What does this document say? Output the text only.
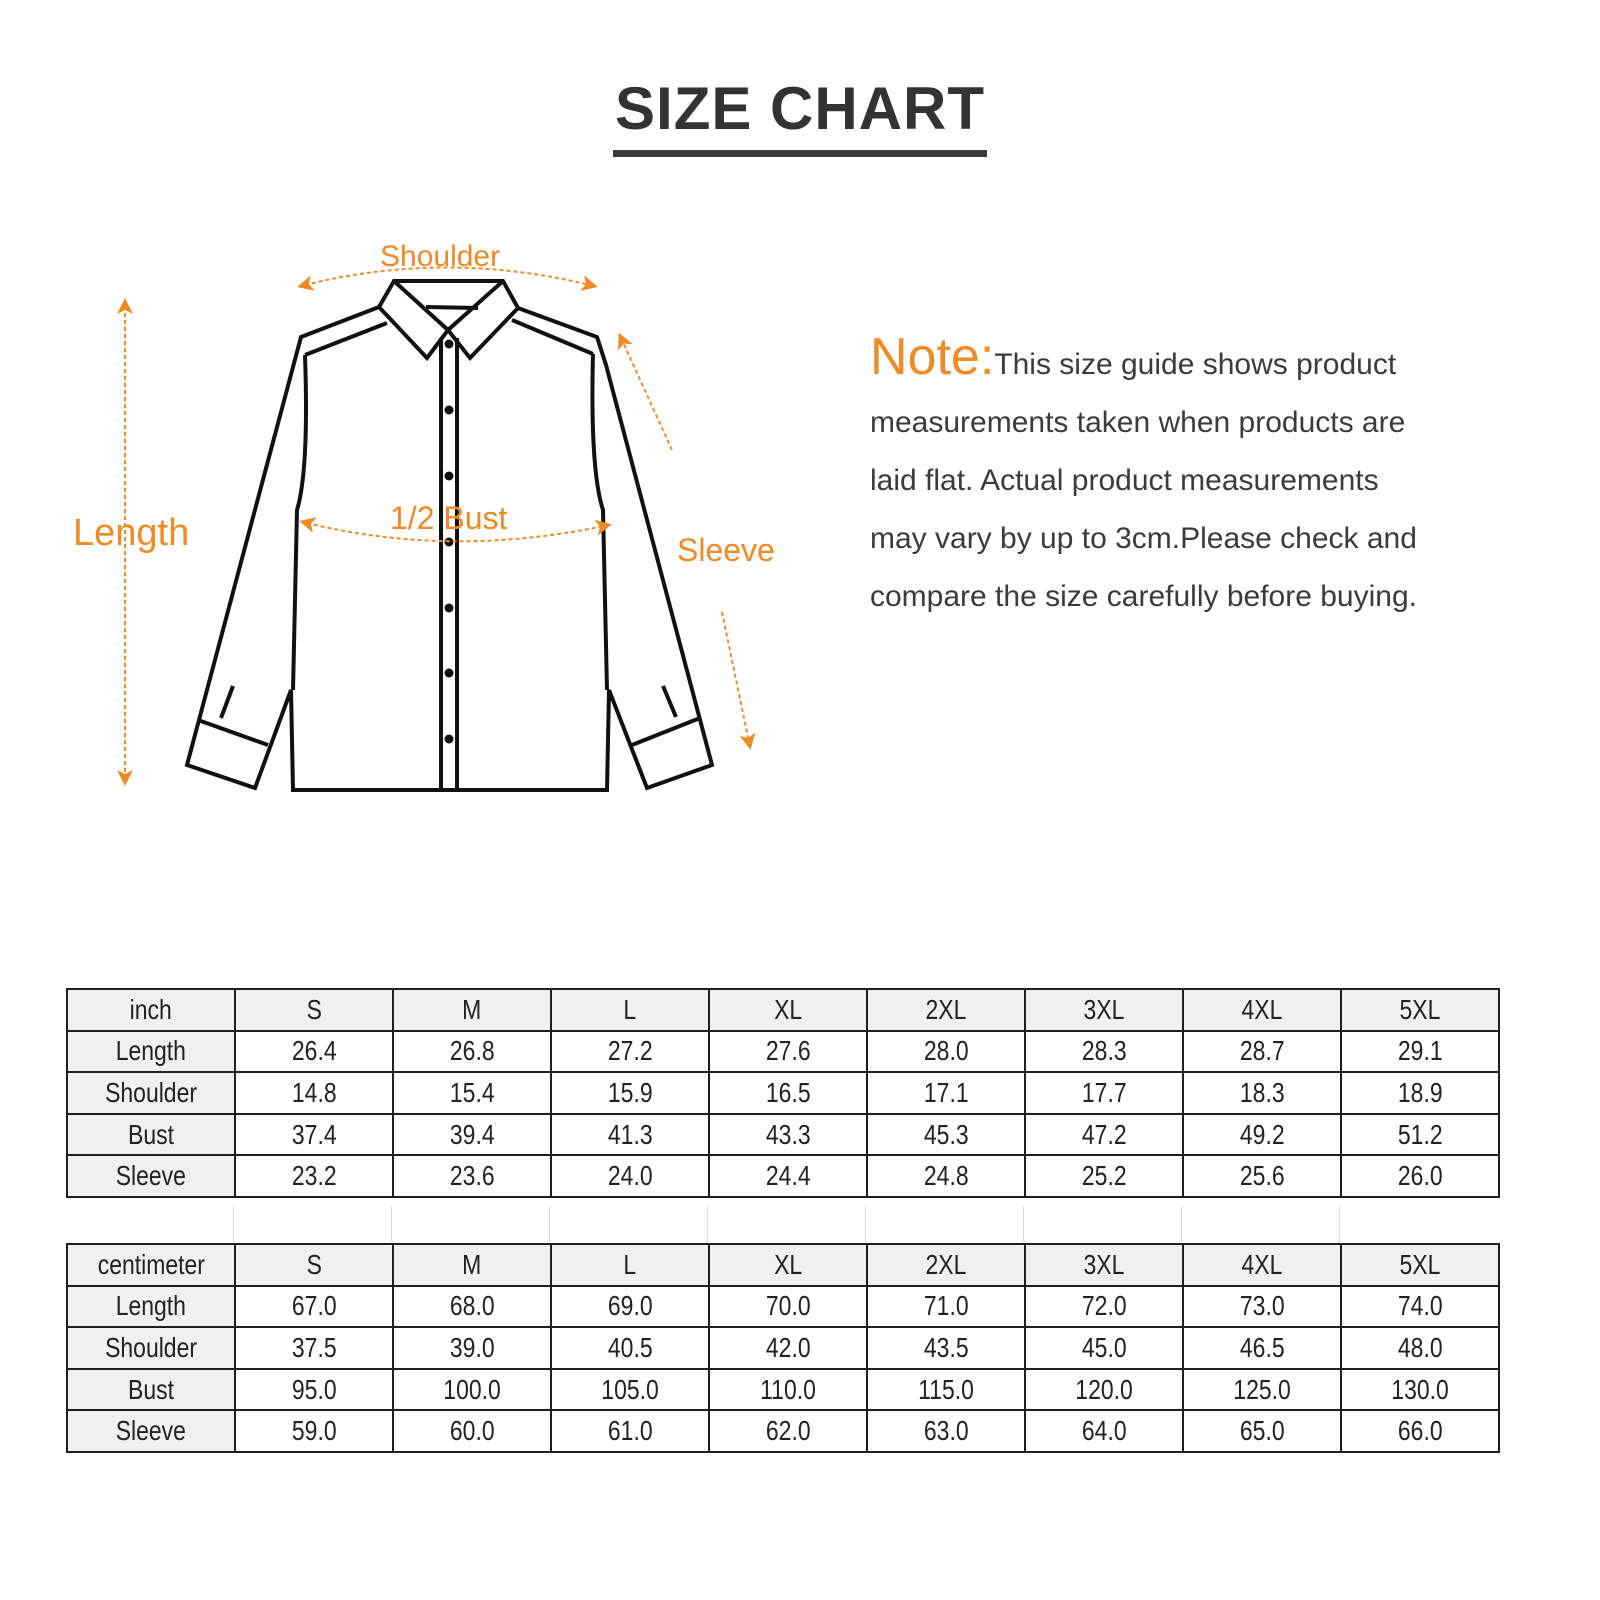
SIZE CHART
Shoulder
Length	1/2 Bust
Sleeve
Note:This size guide shows product
measurements taken when products are
laid flat. Actual product measurements
may vary by up to 3cm.Please check and
compare the size carefully before buying.
inch	S	M	L	XL	2XL	3XL	4XL	5XL
Length	26.4	26.8	27.2	27.6	28.0	28.3	28.7	29.1
Shoulder	14.8	15.4	15.9	16.5	17.1	17.7	18.3	18.9
Bust	37.4	39.4	41.3	43.3	45.3	47.2	49.2	51.2
Sleeve	23.2	23.6	24.0	24.4	24.8	25.2	25.6	26.0
centimeter	S	M	L	XL	2XL	3XL	4XL	5XL
Length	67.0	68.0	69.0	70.0	71.0	72.0	73.0	74.0
Shoulder	37.5	39.0	40.5	42.0	43.5	45.0	46.5	48.0
Bust	95.0	100.0	105.0	110.0	115.0	120.0	125.0	130.0
Sleeve	59.0	60.0	61.0	62.0	63.0	64.0	65.0	66.0
